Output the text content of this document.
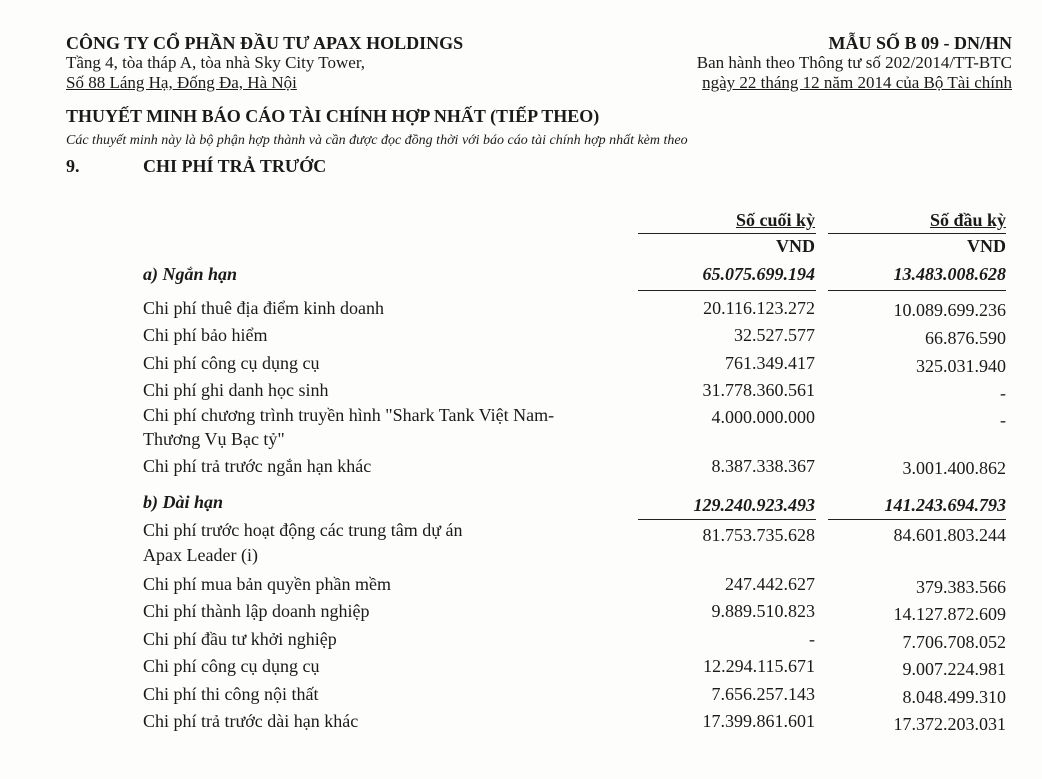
CÔNG TY CỔ PHẦN ĐẦU TƯ APAX HOLDINGS
Tầng 4, tòa tháp A, tòa nhà Sky City Tower,
Số 88 Láng Hạ, Đống Đa, Hà Nội
MẪU SỐ B 09 - DN/HN
Ban hành theo Thông tư số 202/2014/TT-BTC
ngày 22 tháng 12 năm 2014 của Bộ Tài chính
THUYẾT MINH BÁO CÁO TÀI CHÍNH HỢP NHẤT (TIẾP THEO)
Các thuyết minh này là bộ phận hợp thành và cần được đọc đồng thời với báo cáo tài chính hợp nhất kèm theo
9.	CHI PHÍ TRẢ TRƯỚC
Số cuối kỳ	Số đầu kỳ
VND	VND
a) Ngắn hạn	65.075.699.194	13.483.008.628
Chi phí thuê địa điểm kinh doanh	20.116.123.272	10.089.699.236
Chi phí bảo hiểm	32.527.577	66.876.590
Chi phí công cụ dụng cụ	761.349.417	325.031.940
Chi phí ghi danh học sinh	31.778.360.561	-
Chi phí chương trình truyền hình "Shark Tank Việt Nam-
Thương Vụ Bạc tỷ"
4.000.000.000	-
Chi phí trả trước ngắn hạn khác	8.387.338.367	3.001.400.862
b) Dài hạn	129.240.923.493	141.243.694.793
Chi phí trước hoạt động các trung tâm dự án
Apax Leader (i)
81.753.735.628	84.601.803.244
Chi phí mua bản quyền phần mềm	247.442.627	379.383.566
Chi phí thành lập doanh nghiệp	9.889.510.823	14.127.872.609
Chi phí đầu tư khởi nghiệp	-	7.706.708.052
Chi phí công cụ dụng cụ	12.294.115.671	9.007.224.981
Chi phí thi công nội thất	7.656.257.143	8.048.499.310
Chi phí trả trước dài hạn khác	17.399.861.601	17.372.203.031
